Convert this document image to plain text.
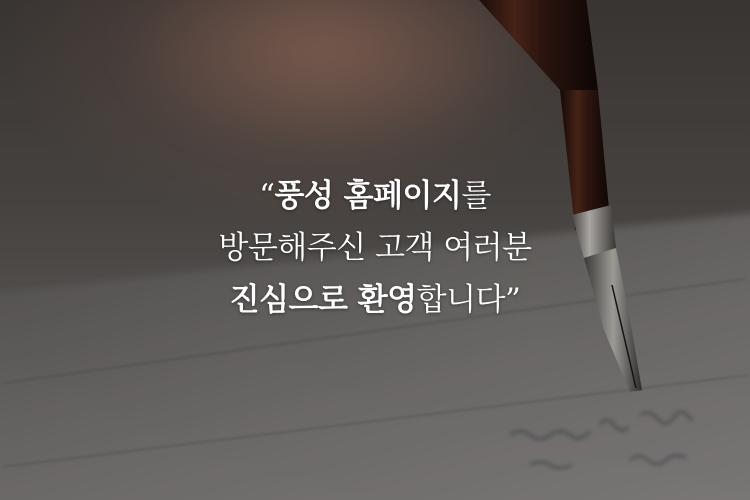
“풍성 홈페이지를
방문해주신 고객 여러분
진심으로 환영합니다”
